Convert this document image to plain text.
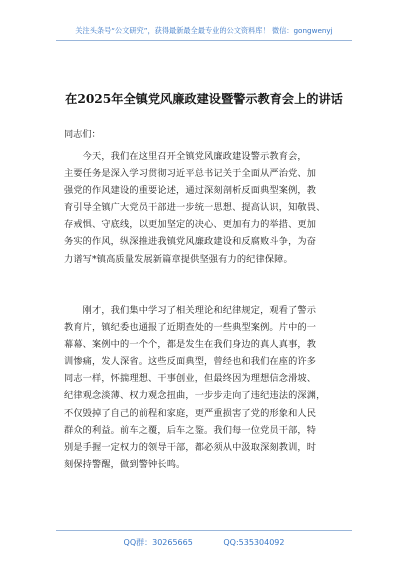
关注头条号“公文研究”，获得最新最全最专业的公文资料库！ 微信：gongwenyj
在2025年全镇党风廉政建设暨警示教育会上的讲话
同志们：
　　今天，我们在这里召开全镇党风廉政建设警示教育会，
主要任务是深入学习贯彻习近平总书记关于全面从严治党、加
强党的作风建设的重要论述，通过深刻剖析反面典型案例，教
育引导全镇广大党员干部进一步统一思想、提高认识，知敬畏、
存戒惧、守底线，以更加坚定的决心、更加有力的举措、更加
务实的作风，纵深推进我镇党风廉政建设和反腐败斗争，为奋
力谱写*镇高质量发展新篇章提供坚强有力的纪律保障。
　　刚才，我们集中学习了相关理论和纪律规定，观看了警示
教育片，镇纪委也通报了近期查处的一些典型案例。片中的一
幕幕、案例中的一个个，都是发生在我们身边的真人真事，教
训惨痛，发人深省。这些反面典型，曾经也和我们在座的许多
同志一样，怀揣理想、干事创业，但最终因为理想信念滑坡、
纪律观念淡薄、权力观念扭曲，一步步走向了违纪违法的深渊，
不仅毁掉了自己的前程和家庭，更严重损害了党的形象和人民
群众的利益。前车之覆，后车之鉴。我们每一位党员干部，特
别是手握一定权力的领导干部，都必须从中汲取深刻教训，时
刻保持警醒，做到警钟长鸣。
QQ群：30265665	QQ:535304092
